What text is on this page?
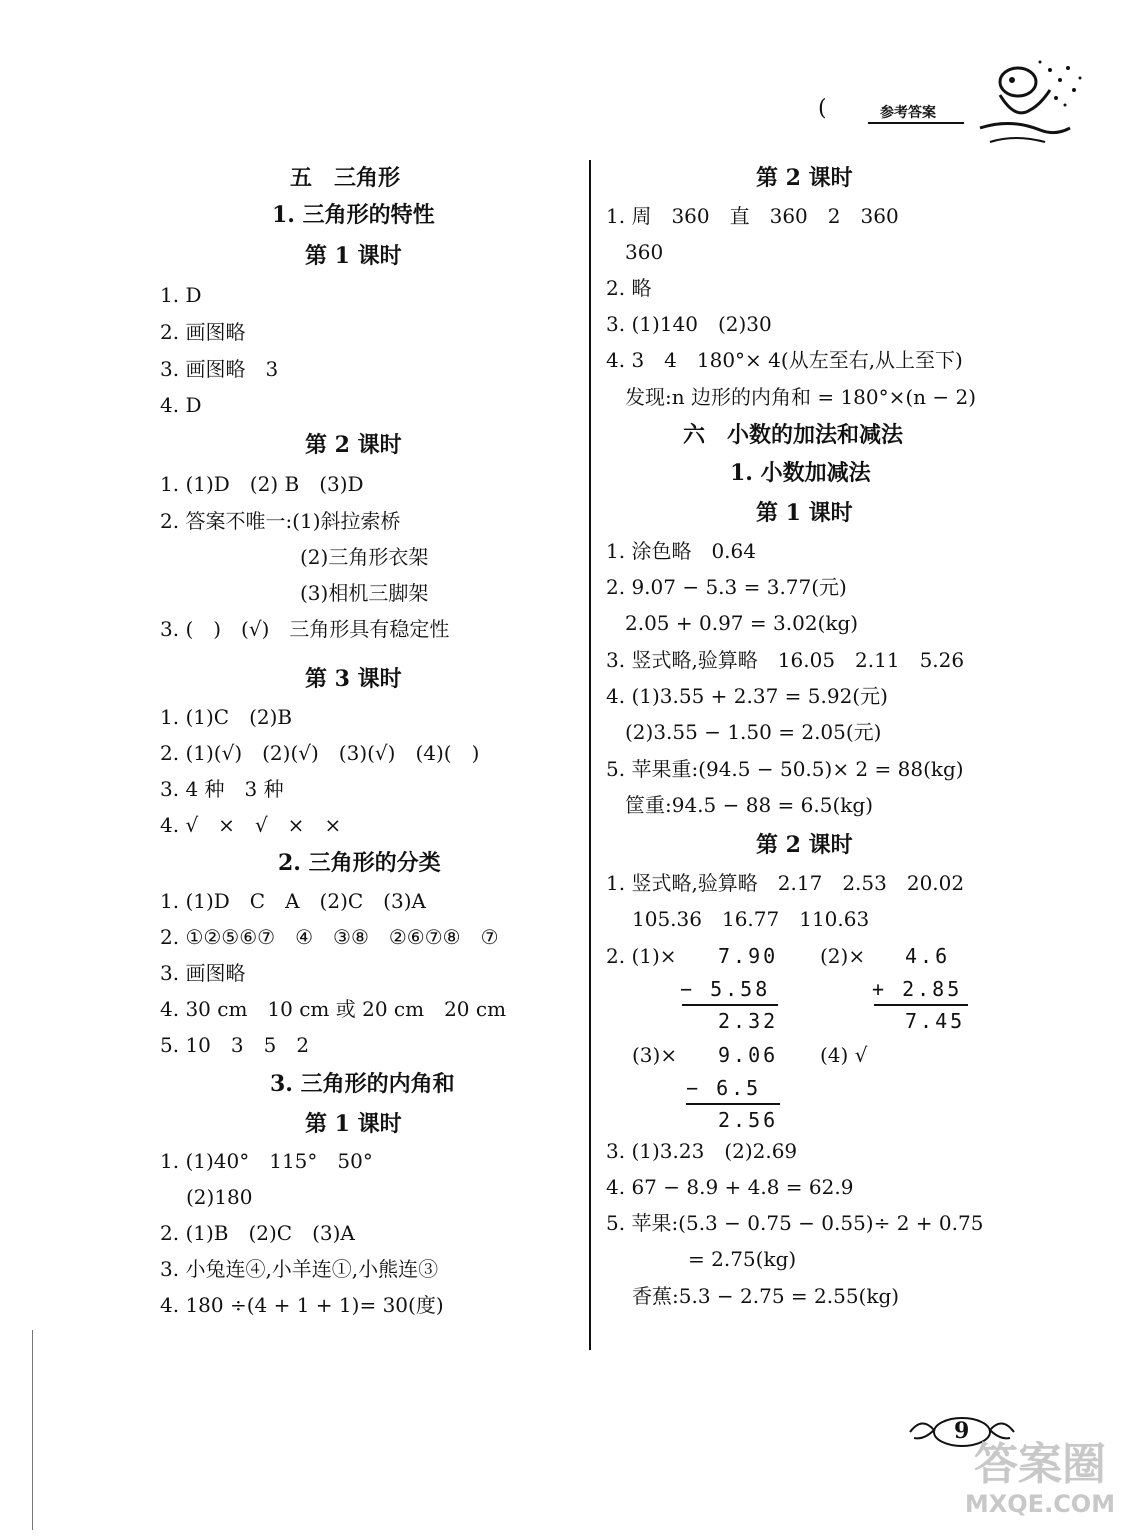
(	参考答案
五　三角形
1. 三角形的特性
第 1 课时
1. D
2. 画图略
3. 画图略　3
4. D
第 2 课时
1. (1)D　(2) B　(3)D
2. 答案不唯一:(1)斜拉索桥
(2)三角形衣架
(3)相机三脚架
3. (　)　(√)　三角形具有稳定性
第 3 课时
1. (1)C　(2)B
2. (1)(√)　(2)(√)　(3)(√)　(4)(　)
3. 4 种　3 种
4. √　×　√　×　×
2. 三角形的分类
1. (1)D　C　A　(2)C　(3)A
2. ①②⑤⑥⑦　④　③⑧　②⑥⑦⑧　⑦
3. 画图略
4. 30 cm　10 cm 或 20 cm　20 cm
5. 10　3　5　2
3. 三角形的内角和
第 1 课时
1. (1)40°　115°　50°
(2)180
2. (1)B　(2)C　(3)A
3. 小兔连④,小羊连①,小熊连③
4. 180 ÷(4 + 1 + 1)= 30(度)
第 2 课时
1. 周　360　直　360　2　360
360
2. 略
3. (1)140　(2)30
4. 3　4　180°× 4(从左至右,从上至下)
发现:n 边形的内角和 = 180°×(n − 2)
六　小数的加法和减法
1. 小数加减法
第 1 课时
1. 涂色略　0.64
2. 9.07 − 5.3 = 3.77(元)
2.05 + 0.97 = 3.02(kg)
3. 竖式略,验算略　16.05　2.11　5.26
4. (1)3.55 + 2.37 = 5.92(元)
(2)3.55 − 1.50 = 2.05(元)
5. 苹果重:(94.5 − 50.5)× 2 = 88(kg)
筐重:94.5 − 88 = 6.5(kg)
第 2 课时
1. 竖式略,验算略　2.17　2.53　20.02
105.36　16.77　110.63
2. (1)× 7.90
− 5.58
2.32
(2)× 4.6
+ 2.85
7.45
(3)× 9.06
− 6.5
2.56
(4) √
3. (1)3.23　(2)2.69
4. 67 − 8.9 + 4.8 = 62.9
5. 苹果:(5.3 − 0.75 − 0.55)÷ 2 + 0.75
= 2.75(kg)
香蕉:5.3 − 2.75 = 2.55(kg)
9
答案圈
MXQE.COM
